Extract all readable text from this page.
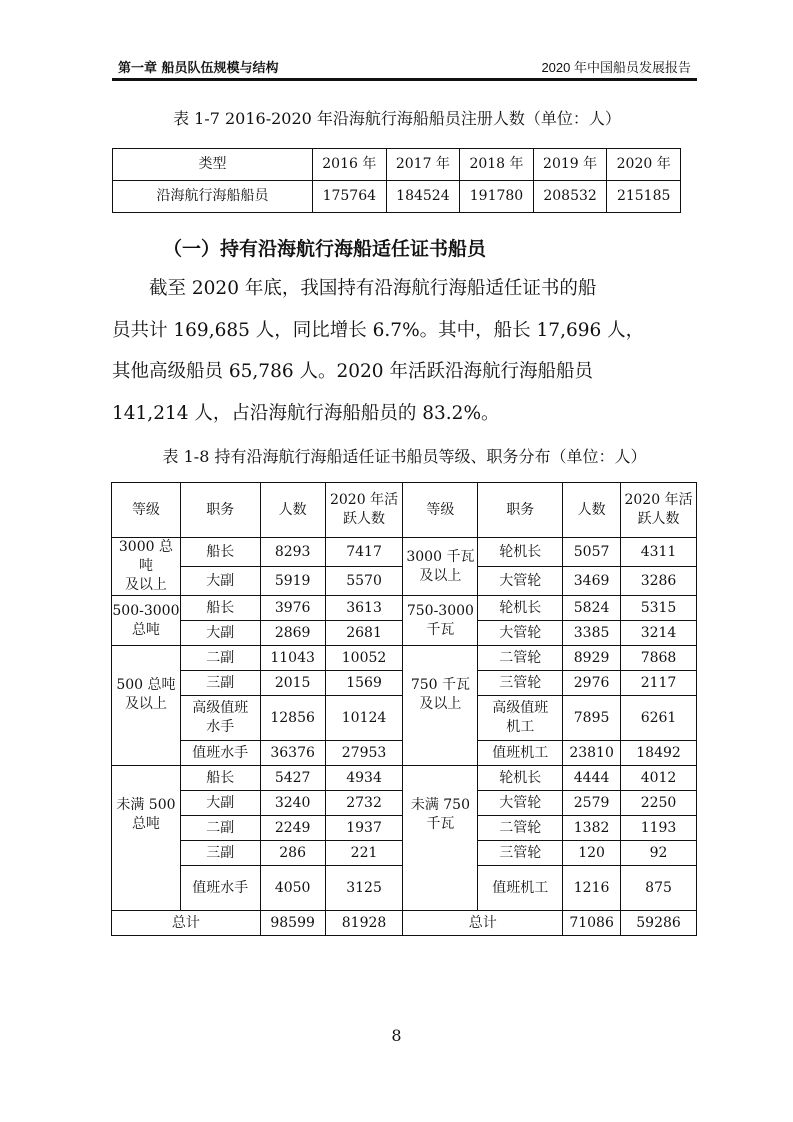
第一章 船员队伍规模与结构	2020 年中国船员发展报告
表 1-7 2016-2020 年沿海航行海船船员注册人数（单位：人）
类型	2016 年	2017 年	2018 年	2019 年	2020 年
沿海航行海船船员	175764	184524	191780	208532	215185
（一）持有沿海航行海船适任证书船员

截至 2020 年底，我国持有沿海航行海船适任证书的船

员共计 169,685 人，同比增长 6.7%。其中，船长 17,696 人，

其他高级船员 65,786 人。2020 年活跃沿海航行海船船员

141,214 人，占沿海航行海船船员的 83.2%。

表 1-8 持有沿海航行海船适任证书船员等级、职务分布（单位：人）
等级	职务	人数	2020 年活
跃人数	等级	职务	人数	2020 年活
跃人数
3000 总吨
及以上	船长	8293	7417	3000 千瓦
及以上	轮机长	5057	4311
	大副	5919	5570		大管轮	3469	3286
500-3000
总吨	船长	3976	3613	750-3000
千瓦	轮机长	5824	5315
	大副	2869	2681		大管轮	3385	3214
500 总吨
及以上	二副	11043	10052	750 千瓦
及以上	二管轮	8929	7868
	三副	2015	1569		三管轮	2976	2117
	高级值班
水手	12856	10124		高级值班
机工	7895	6261
	值班水手	36376	27953		值班机工	23810	18492
未满 500
总吨	船长	5427	4934	未满 750
千瓦	轮机长	4444	4012
	大副	3240	2732		大管轮	2579	2250
	二副	2249	1937		二管轮	1382	1193
	三副	286	221		三管轮	120	92
	值班水手	4050	3125		值班机工	1216	875
总计		98599	81928	总计		71086	59286
8
